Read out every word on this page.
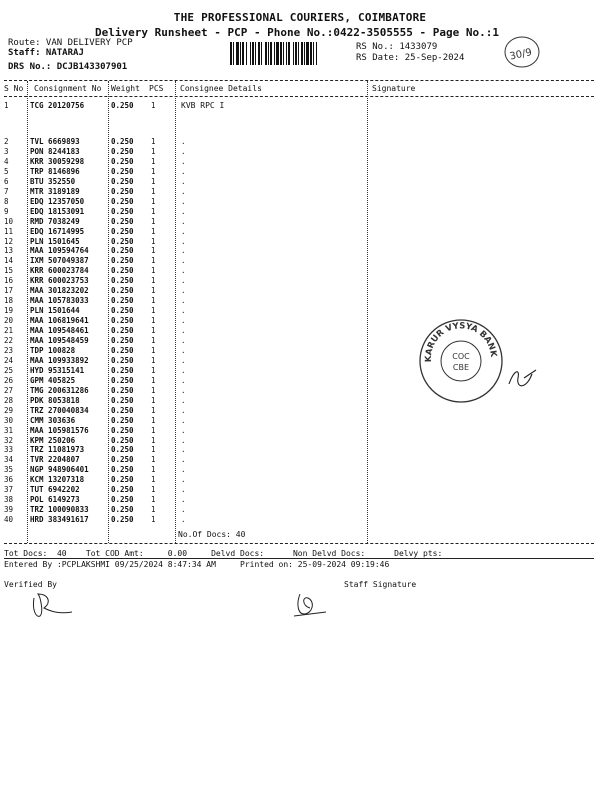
THE PROFESSIONAL COURIERS, COIMBATORE
Delivery Runsheet - PCP - Phone No.:0422-3505555 - Page No.:1
Route: VAN DELIVERY PCP
Staff: NATARAJ
DRS No.: DCJB143307901
RS No.: 1433079
RS Date: 25-Sep-2024	30/9
S No Consignment No Weight PCS Consignee Details	Signature
1	TCG 20120756	0.250 1	KVB RPC I
2	TVL 6669893	0.250 1	.
3	PON 8244183	0.250 1	.
4	KRR 30059298	0.250 1	.
5	TRP 8146896	0.250 1	.
6	BTU 352550	0.250 1	.
7	MTR 3189189	0.250 1	.
8	EDQ 12357050	0.250 1	.
9	EDQ 18153091	0.250 1	.
10 RMD 7038249	0.250 1	.
11 EDQ 16714995	0.250 1	.
12 PLN 1501645	0.250 1	.
13 MAA 109594764	0.250 1	.
14 IXM 507049387	0.250 1	.
15 KRR 600023784	0.250 1	.
16 KRR 600023753	0.250 1	.
17 MAA 301823202	0.250 1	.
18 MAA 105783033	0.250 1	.
19 PLN 1501644	0.250 1	.
20 MAA 106819641	0.250 1	.
21 MAA 109548461	0.250 1	.
22 MAA 109548459	0.250 1	.
23 TDP 100828	0.250 1	.
24 MAA 109933892	0.250 1	.
25 HYD 95315141	0.250 1	.
26 GPM 405825	0.250 1	.
27 TMG 200631286	0.250 1	.
28 PDK 8053818	0.250 1	.
29 TRZ 270040834	0.250 1	.
30 CMM 303636	0.250 1	.
31 MAA 105981576	0.250 1	.
32 KPM 250206	0.250 1	.
33 TRZ 11081973	0.250 1	.
34 TVR 2204807	0.250 1	.
35 NGP 948906401	0.250 1	.
36 KCM 13207318	0.250 1	.
37 TUT 6942202	0.250 1	.
38 POL 6149273	0.250 1	.
39 TRZ 100090833	0.250 1	.
40 HRD 383491617	0.250 1	.
No.Of Docs: 40
Tot Docs:  40    Tot COD Amt:     0.00     Delvd Docs:      Non Delvd Docs:      Delvy pts:
Entered By :PCPLAKSHMI 09/25/2024 8:47:34 AM     Printed on: 25-09-2024 09:19:46
Verified By	Staff Signature
KARUR VYSYA BANK
COC
CBE
